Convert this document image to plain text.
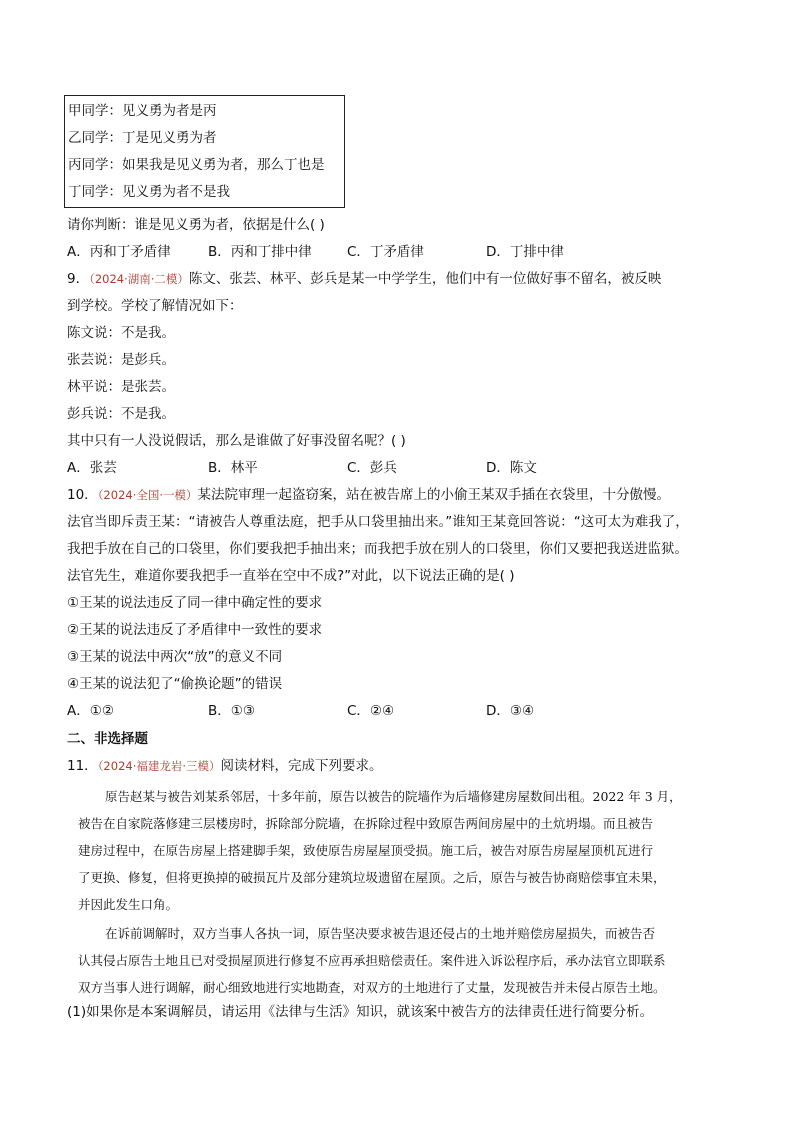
甲同学：见义勇为者是丙
乙同学：丁是见义勇为者
丙同学：如果我是见义勇为者，那么丁也是
丁同学：见义勇为者不是我
请你判断：谁是见义勇为者，依据是什么( )
A．丙和丁矛盾律	B．丙和丁排中律	C．丁矛盾律	D．丁排中律
9．（2024·湖南·二模）陈文、张芸、林平、彭兵是某一中学学生，他们中有一位做好事不留名，被反映
到学校。学校了解情况如下：
陈文说：不是我。
张芸说：是彭兵。
林平说：是张芸。
彭兵说：不是我。
其中只有一人没说假话，那么是谁做了好事没留名呢？( )
A．张芸	B．林平	C．彭兵	D．陈文
10．（2024·全国·一模）某法院审理一起盗窃案，站在被告席上的小偷王某双手插在衣袋里，十分傲慢。
法官当即斥责王某：“请被告人尊重法庭，把手从口袋里抽出来。”谁知王某竟回答说：“这可太为难我了，
我把手放在自己的口袋里，你们要我把手抽出来；而我把手放在别人的口袋里，你们又要把我送进监狱。
法官先生，难道你要我把手一直举在空中不成?”对此，以下说法正确的是( )
①王某的说法违反了同一律中确定性的要求
②王某的说法违反了矛盾律中一致性的要求
③王某的说法中两次“放”的意义不同
④王某的说法犯了“偷换论题”的错误
A．①②	B．①③	C．②④	D．③④
二、非选择题
11．（2024·福建龙岩·三模）阅读材料，完成下列要求。
原告赵某与被告刘某系邻居，十多年前，原告以被告的院墙作为后墙修建房屋数间出租。2022 年 3 月，
被告在自家院落修建三层楼房时，拆除部分院墙，在拆除过程中致原告两间房屋中的土炕坍塌。而且被告
建房过程中，在原告房屋上搭建脚手架，致使原告房屋屋顶受损。施工后，被告对原告房屋屋顶机瓦进行
了更换、修复，但将更换掉的破损瓦片及部分建筑垃圾遗留在屋顶。之后，原告与被告协商赔偿事宜未果，
并因此发生口角。
在诉前调解时，双方当事人各执一词，原告坚决要求被告退还侵占的土地并赔偿房屋损失，而被告否
认其侵占原告土地且已对受损屋顶进行修复不应再承担赔偿责任。案件进入诉讼程序后，承办法官立即联系
双方当事人进行调解，耐心细致地进行实地勘查，对双方的土地进行了丈量，发现被告并未侵占原告土地。
(1)如果你是本案调解员，请运用《法律与生活》知识，就该案中被告方的法律责任进行简要分析。
